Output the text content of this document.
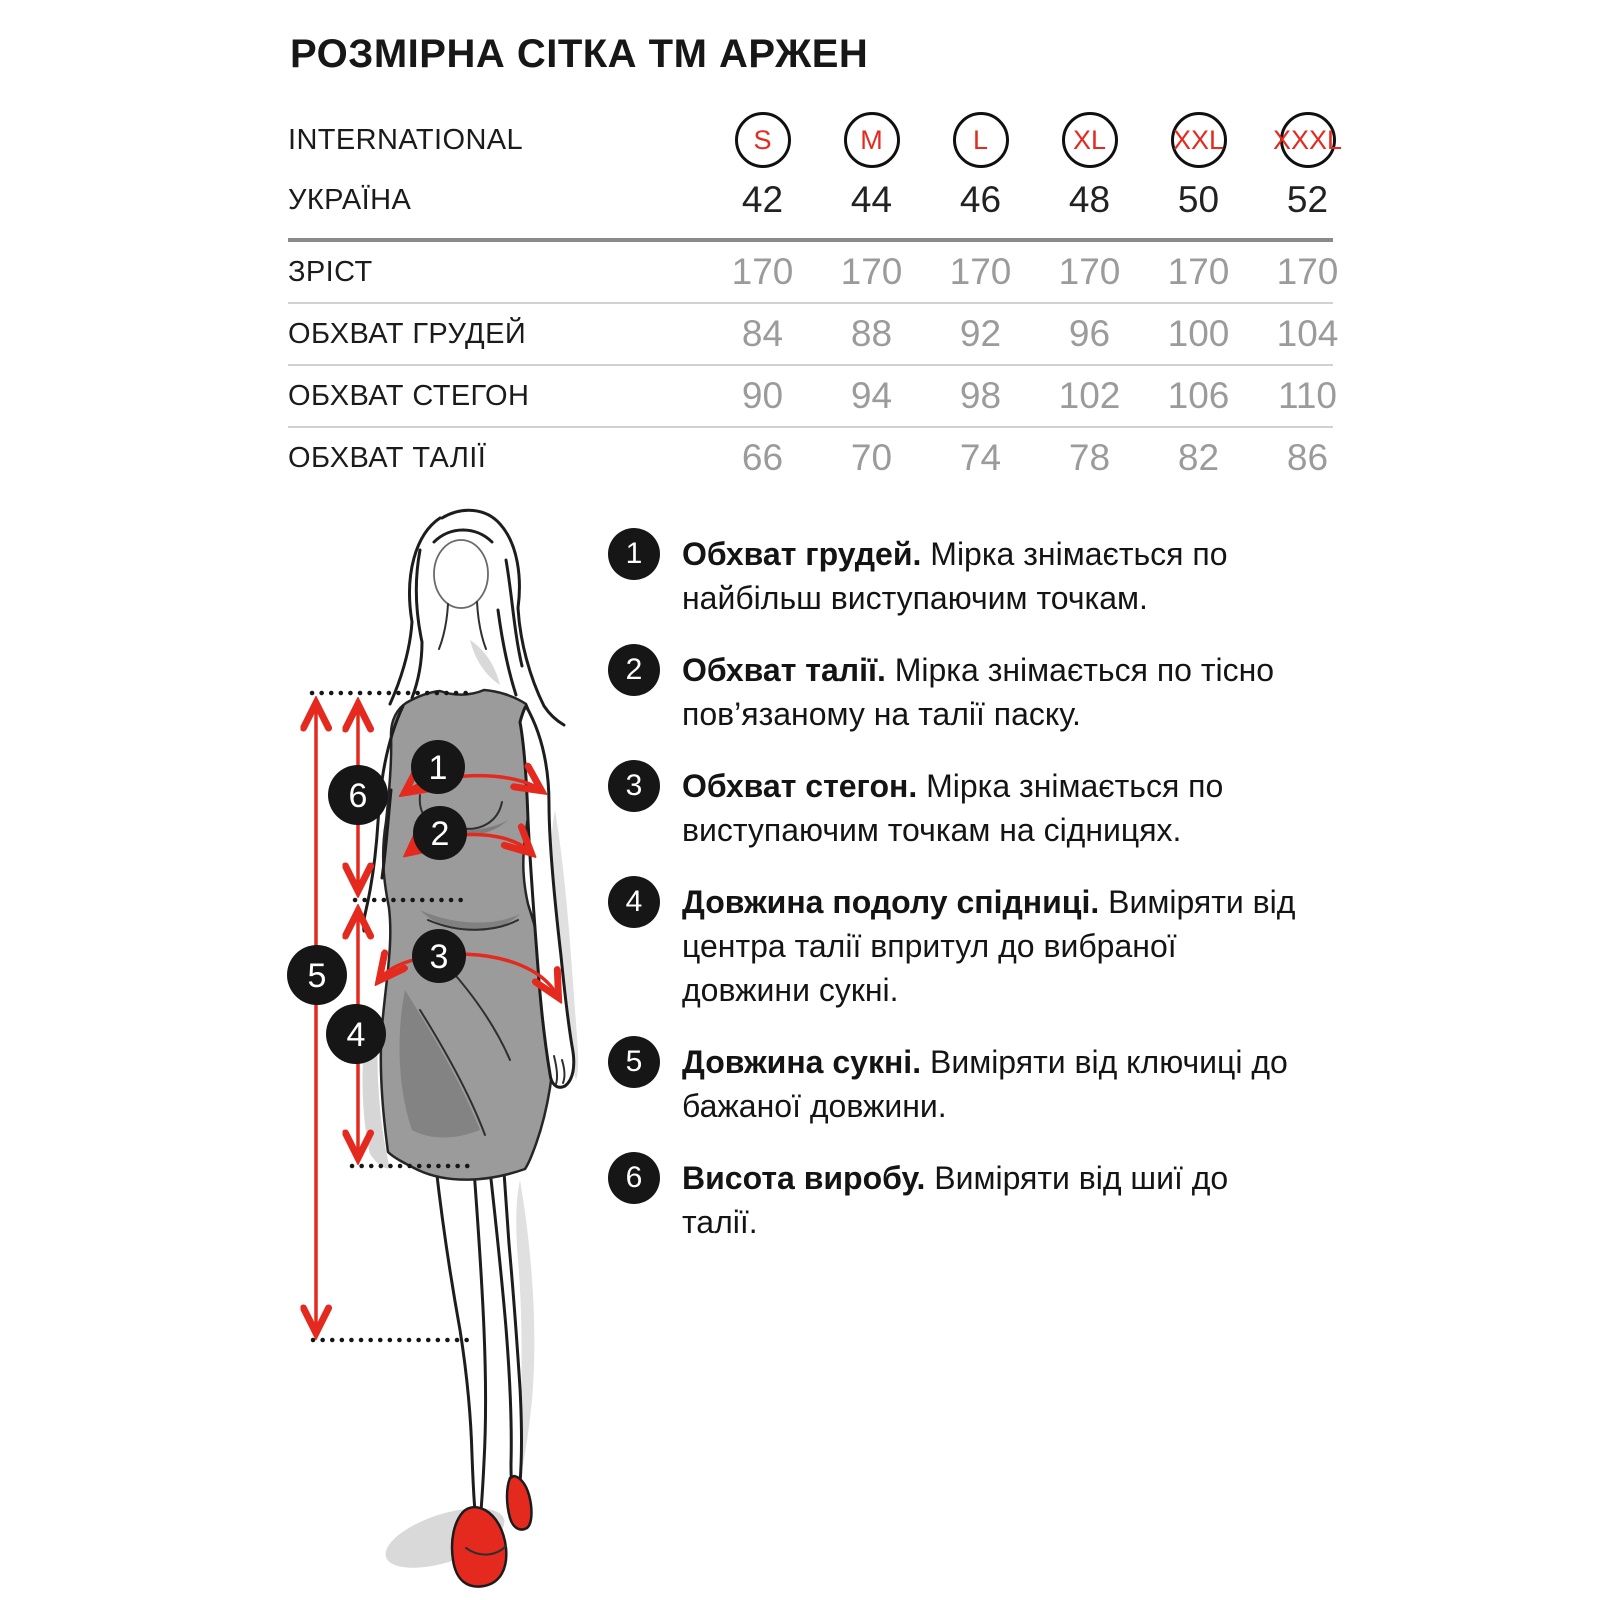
РОЗМІРНА СІТКА ТМ АРЖЕН
INTERNATIONAL	S	M	L	XL	XXL XXXL
УКРАЇНА	42 44 46 48 50 52
ЗРІСТ	170 170 170 170 170 170
ОБХВАТ ГРУДЕЙ	84 88 92 96 100 104
ОБХВАТ СТЕГОН	90 94 98 102 106 110
ОБХВАТ ТАЛІЇ	66 70 74 78 82 86
1	Обхват грудей. Мірка знімається по найбільш виступаючим точкам.

2	Обхват талії. Мірка знімається по тісно пов’язаному на талії паску.

3	Обхват стегон. Мірка знімається по виступаючим точкам на сідницях.

4	Довжина подолу спідниці. Виміряти від центра талії впритул до вибраної довжини сукні.

5	Довжина сукні. Виміряти від ключиці до бажаної довжини.

6	Висота виробу. Виміряти від шиї до талії.

1
2
3
4
5
6
